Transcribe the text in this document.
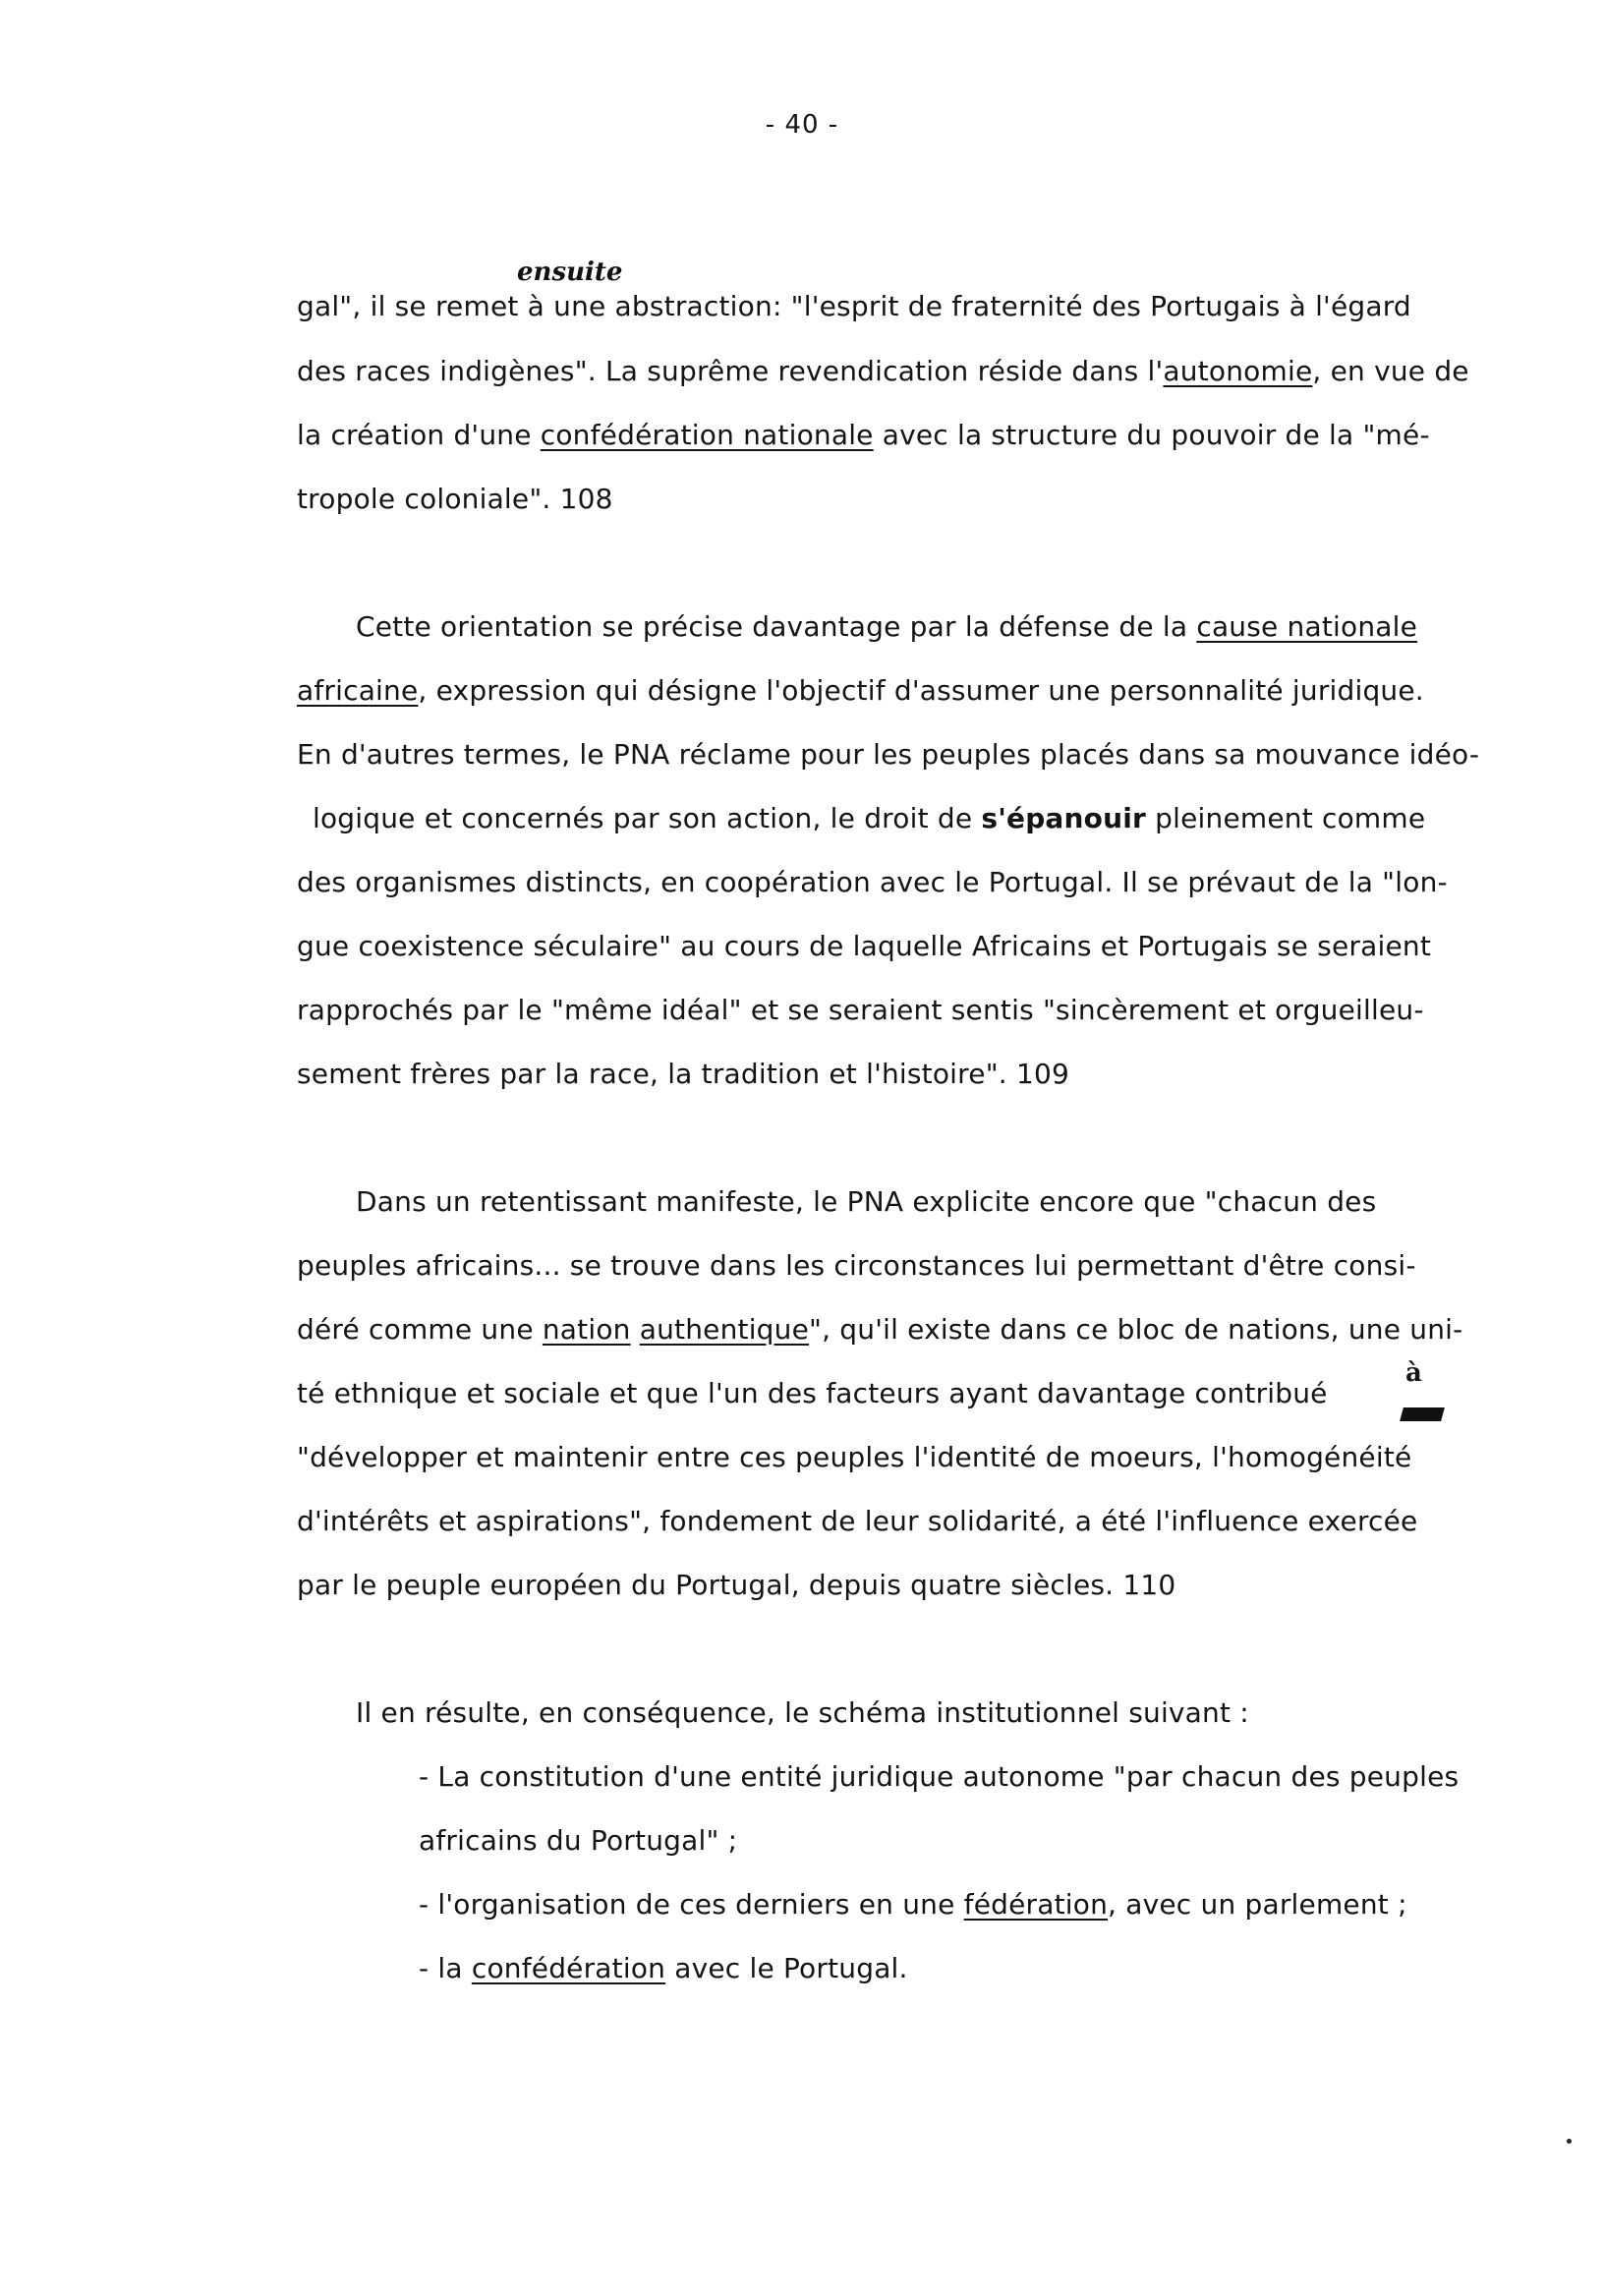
- 40 -
ensuite
gal", il se remet à une abstraction: "l'esprit de fraternité des Portugais à l'égard
des races indigènes". La suprême revendication réside dans l'autonomie, en vue de
la création d'une confédération nationale avec la structure du pouvoir de la "mé-
tropole coloniale". 108
Cette orientation se précise davantage par la défense de la cause nationale
africaine, expression qui désigne l'objectif d'assumer une personnalité juridique.
En d'autres termes, le PNA réclame pour les peuples placés dans sa mouvance idéo-
logique et concernés par son action, le droit de s'épanouir pleinement comme
des organismes distincts, en coopération avec le Portugal. Il se prévaut de la "lon-
gue coexistence séculaire" au cours de laquelle Africains et Portugais se seraient
rapprochés par le "même idéal" et se seraient sentis "sincèrement et orgueilleu-
sement frères par la race, la tradition et l'histoire". 109
Dans un retentissant manifeste, le PNA explicite encore que "chacun des
peuples africains... se trouve dans les circonstances lui permettant d'être consi-
déré comme une nation authentique", qu'il existe dans ce bloc de nations, une uni-
à
té ethnique et sociale et que l'un des facteurs ayant davantage contribué
"développer et maintenir entre ces peuples l'identité de moeurs, l'homogénéité
d'intérêts et aspirations", fondement de leur solidarité, a été l'influence exercée
par le peuple européen du Portugal, depuis quatre siècles. 110
Il en résulte, en conséquence, le schéma institutionnel suivant :
- La constitution d'une entité juridique autonome "par chacun des peuples
africains du Portugal" ;
- l'organisation de ces derniers en une fédération, avec un parlement ;
- la confédération avec le Portugal.
